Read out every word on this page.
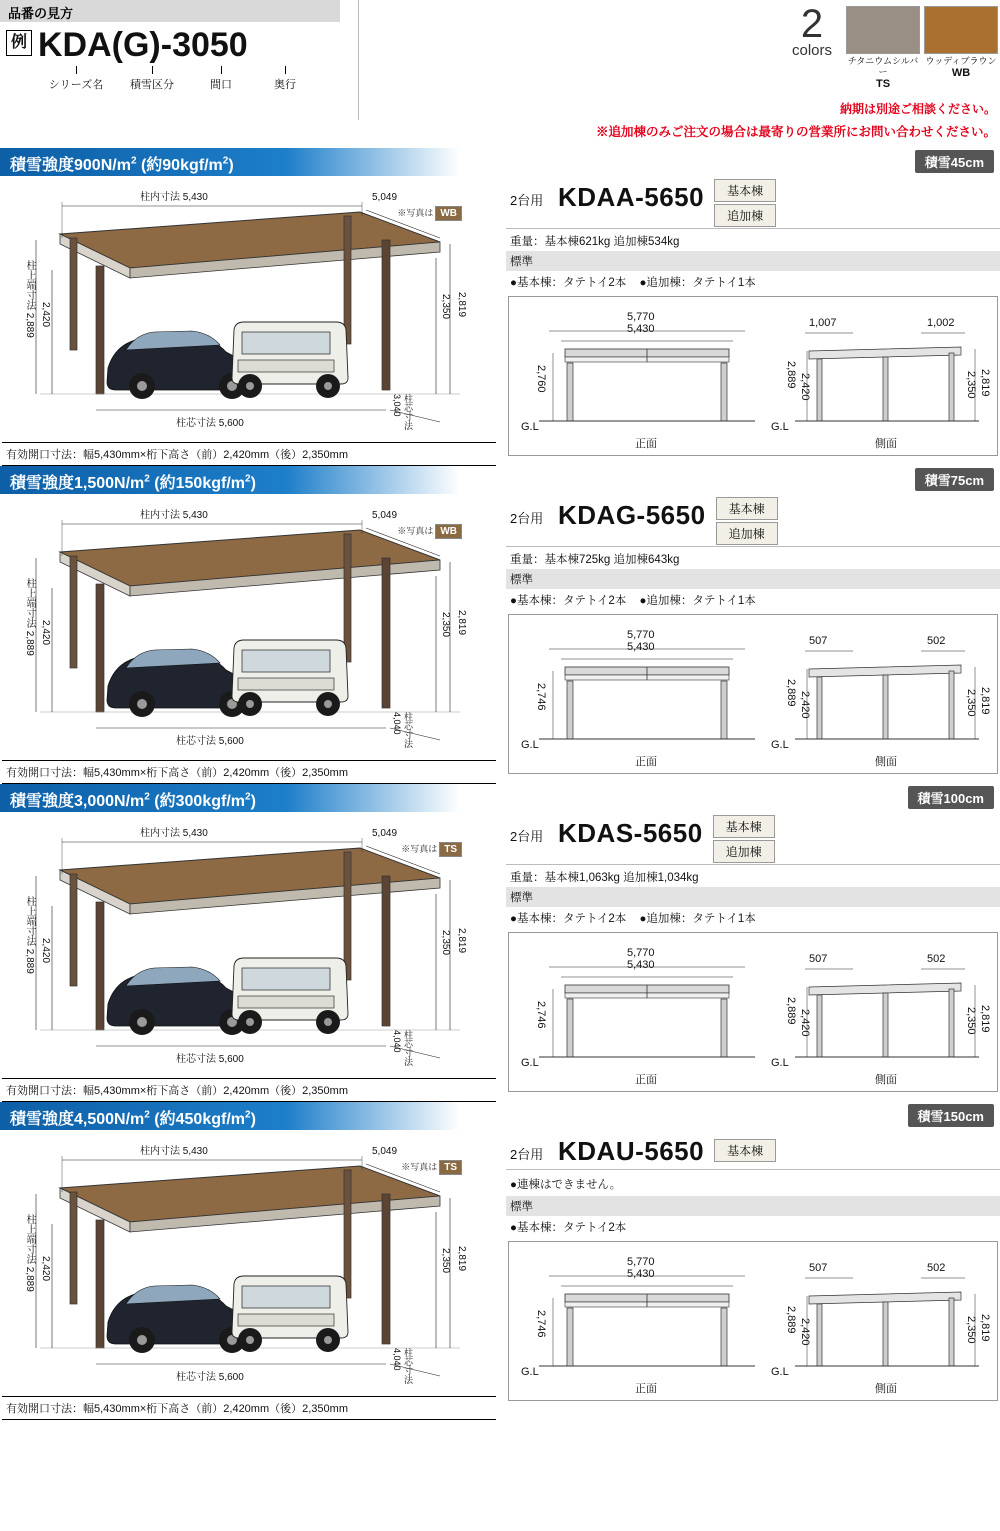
品番の見方
例 KDA(G)-3050
シリーズ名	積雪区分	間口	奥行
2
colors
チタニウムシルバー
TS
ウッディブラウン
WB
納期は別途ご相談ください。
※追加棟のみご注文の場合は最寄りの営業所にお問い合わせください。
積雪強度$900N/m^2$ (約$90kgf/m^2$)	積雪45cm
柱内寸法 5,430	5,049
柱上端寸法 2,889 2,420	2,819
2,350
柱芯寸法 5,600	柱芯寸法 3,040
※写真は WB
有効開口寸法：幅5,430mm×桁下高さ（前）2,420mm（後）2,350mm
2台用 KDAA-5650	基本棟
追加棟
重量：基本棟621kg 追加棟534kg
標準
●基本棟：タテトイ2本 ●追加棟：タテトイ1本
5,770
5,430
2,760
G.L
正面
1,007	1,002
2,889 2,420	2,819
2,350
G.L
側面
積雪強度$1,500N/m^2$ (約$150kgf/m^2$)	積雪75cm
柱内寸法 5,430	5,049
柱上端寸法 2,889 2,420	2,819
2,350
柱芯寸法 5,600	柱芯寸法 4,040
※写真は WB
有効開口寸法：幅5,430mm×桁下高さ（前）2,420mm（後）2,350mm
2台用 KDAG-5650	基本棟
追加棟
重量：基本棟725kg 追加棟643kg
標準
●基本棟：タテトイ2本 ●追加棟：タテトイ1本
5,770
5,430
2,746
G.L
正面
507	502
2,889 2,420	2,819
2,350
G.L
側面
積雪強度$3,000N/m^2$ (約$300kgf/m^2$)	積雪100cm
柱内寸法 5,430	5,049
柱上端寸法 2,889 2,420	2,819
2,350
柱芯寸法 5,600	柱芯寸法 4,040
※写真は TS
有効開口寸法：幅5,430mm×桁下高さ（前）2,420mm（後）2,350mm
2台用 KDAS-5650	基本棟
追加棟
重量：基本棟1,063kg 追加棟1,034kg
標準
●基本棟：タテトイ2本 ●追加棟：タテトイ1本
5,770
5,430
2,746
G.L
正面
507	502
2,889 2,420	2,819
2,350
G.L
側面
積雪強度$4,500N/m^2$ (約$450kgf/m^2$)	積雪150cm
柱内寸法 5,430	5,049
柱上端寸法 2,889 2,420	2,819
2,350
柱芯寸法 5,600	柱芯寸法 4,040
※写真は TS
有効開口寸法：幅5,430mm×桁下高さ（前）2,420mm（後）2,350mm
2台用 KDAU-5650	基本棟
●連棟はできません。
標準
●基本棟：タテトイ2本
5,770
5,430
2,746
G.L
正面
507	502
2,889 2,420	2,819
2,350
G.L
側面
